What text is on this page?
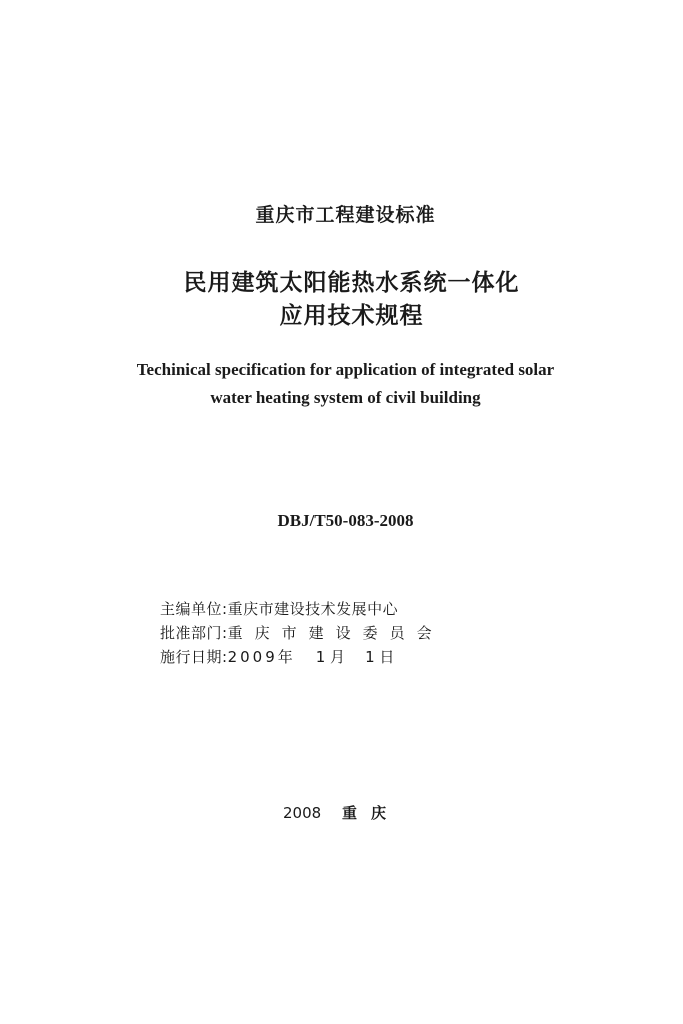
重庆市工程建设标准
民用建筑太阳能热水系统一体化
应用技术规程
Techinical specification for application of integrated solar
water heating system of civil building
DBJ/T50-083-2008
主编单位: 重庆市建设技术发展中心
批准部门: 重庆市建设委员会
施行日期: 2009年 1 月 1 日
2008 重庆
